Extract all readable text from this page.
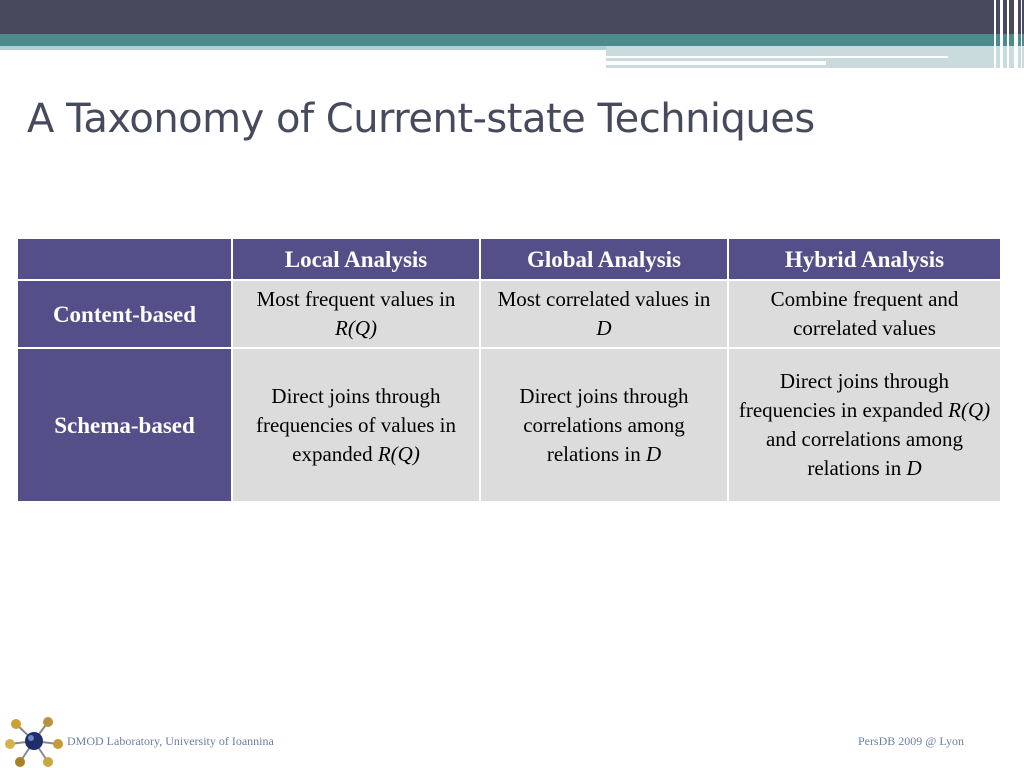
A Taxonomy of Current-state Techniques
	Local Analysis	Global Analysis	Hybrid Analysis
Content-based	Most frequent values in R(Q)	Most correlated values in D	Combine frequent and correlated values
Schema-based	Direct joins through frequencies of values in expanded R(Q)	Direct joins through correlations among relations in D	Direct joins through frequencies in expanded R(Q) and correlations among relations in D
DMOD Laboratory, University of Ioannina	PersDB 2009 @ Lyon
